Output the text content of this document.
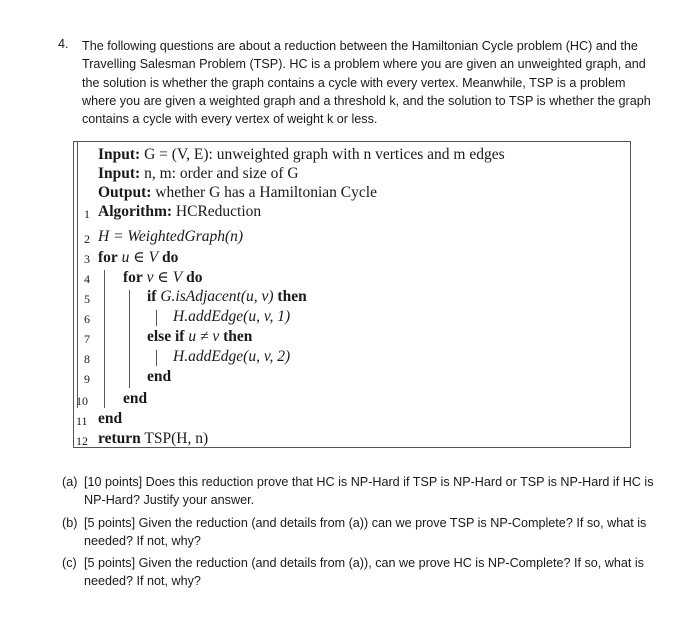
4. The following questions are about a reduction between the Hamiltonian Cycle problem (HC) and the
Travelling Salesman Problem (TSP). HC is a problem where you are given an unweighted graph, and
the solution is whether the graph contains a cycle with every vertex. Meanwhile, TSP is a problem
where you are given a weighted graph and a threshold k, and the solution to TSP is whether the graph
contains a cycle with every vertex of weight k or less.
Input: G = (V, E): unweighted graph with n vertices and m edges
Input: n, m: order and size of G
Output: whether G has a Hamiltonian Cycle
1 Algorithm: HCReduction
2 H = WeightedGraph(n)
3 for u ∈ V do
4	for v ∈ V do
5	if G.isAdjacent(u, v) then
6	H.addEdge(u, v, 1)
7	else if u ≠ v then
8	H.addEdge(u, v, 2)
9	end
10 end
11 end
12 return TSP(H, n)
(a) [10 points] Does this reduction prove that HC is NP-Hard if TSP is NP-Hard or TSP is NP-Hard if HC is
NP-Hard? Justify your answer.
(b) [5 points] Given the reduction (and details from (a)) can we prove TSP is NP-Complete? If so, what is
needed? If not, why?
(c) [5 points] Given the reduction (and details from (a)), can we prove HC is NP-Complete? If so, what is
needed? If not, why?
